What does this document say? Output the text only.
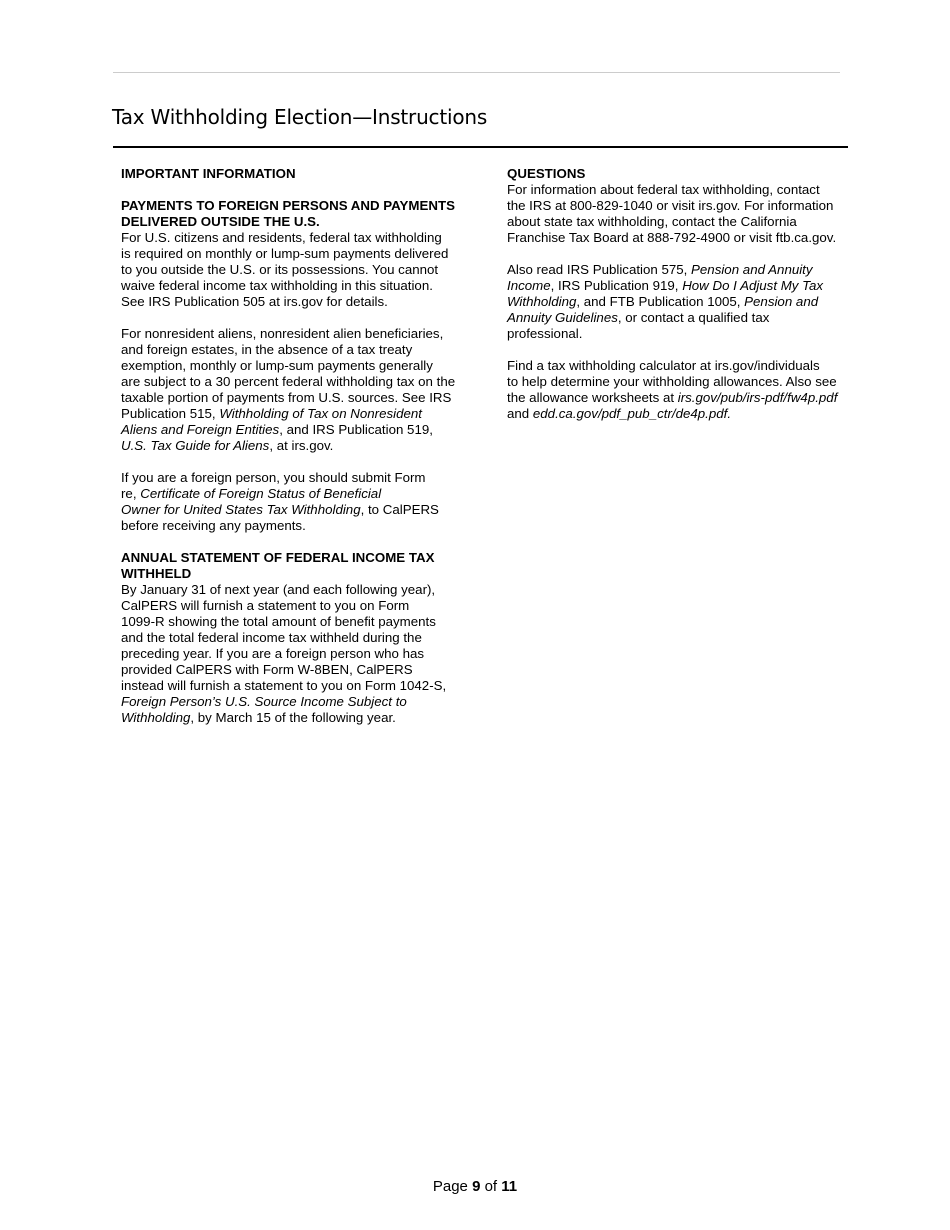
Tax Withholding Election—Instructions

IMPORTANT INFORMATION

PAYMENTS TO FOREIGN PERSONS AND PAYMENTS
DELIVERED OUTSIDE THE U.S.
For U.S. citizens and residents, federal tax withholding
is required on monthly or lump-sum payments delivered
to you outside the U.S. or its possessions. You cannot
waive federal income tax withholding in this situation.
See IRS Publication 505 at irs.gov for details.
For nonresident aliens, nonresident alien beneficiaries,
and foreign estates, in the absence of a tax treaty
exemption, monthly or lump-sum payments generally
are subject to a 30 percent federal withholding tax on the
taxable portion of payments from U.S. sources. See IRS
Publication 515, Withholding of Tax on Nonresident
Aliens and Foreign Entities, and IRS Publication 519,
U.S. Tax Guide for Aliens, at irs.gov.
If you are a foreign person, you should submit Form
re, Certificate of Foreign Status of Beneficial
Owner for United States Tax Withholding, to CalPERS
before receiving any payments.
ANNUAL STATEMENT OF FEDERAL INCOME TAX
WITHHELD
By January 31 of next year (and each following year),
CalPERS will furnish a statement to you on Form
1099-R showing the total amount of benefit payments
and the total federal income tax withheld during the
preceding year. If you are a foreign person who has
provided CalPERS with Form W-8BEN, CalPERS
instead will furnish a statement to you on Form 1042-S,
Foreign Person’s U.S. Source Income Subject to
Withholding, by March 15 of the following year.
QUESTIONS
For information about federal tax withholding, contact
the IRS at 800-829-1040 or visit irs.gov. For information
about state tax withholding, contact the California
Franchise Tax Board at 888-792-4900 or visit ftb.ca.gov.
Also read IRS Publication 575, Pension and Annuity
Income, IRS Publication 919, How Do I Adjust My Tax
Withholding, and FTB Publication 1005, Pension and
Annuity Guidelines, or contact a qualified tax
professional.
Find a tax withholding calculator at irs.gov/individuals
to help determine your withholding allowances. Also see
the allowance worksheets at irs.gov/pub/irs-pdf/fw4p.pdf
and edd.ca.gov/pdf_pub_ctr/de4p.pdf.
Page 9 of 11
